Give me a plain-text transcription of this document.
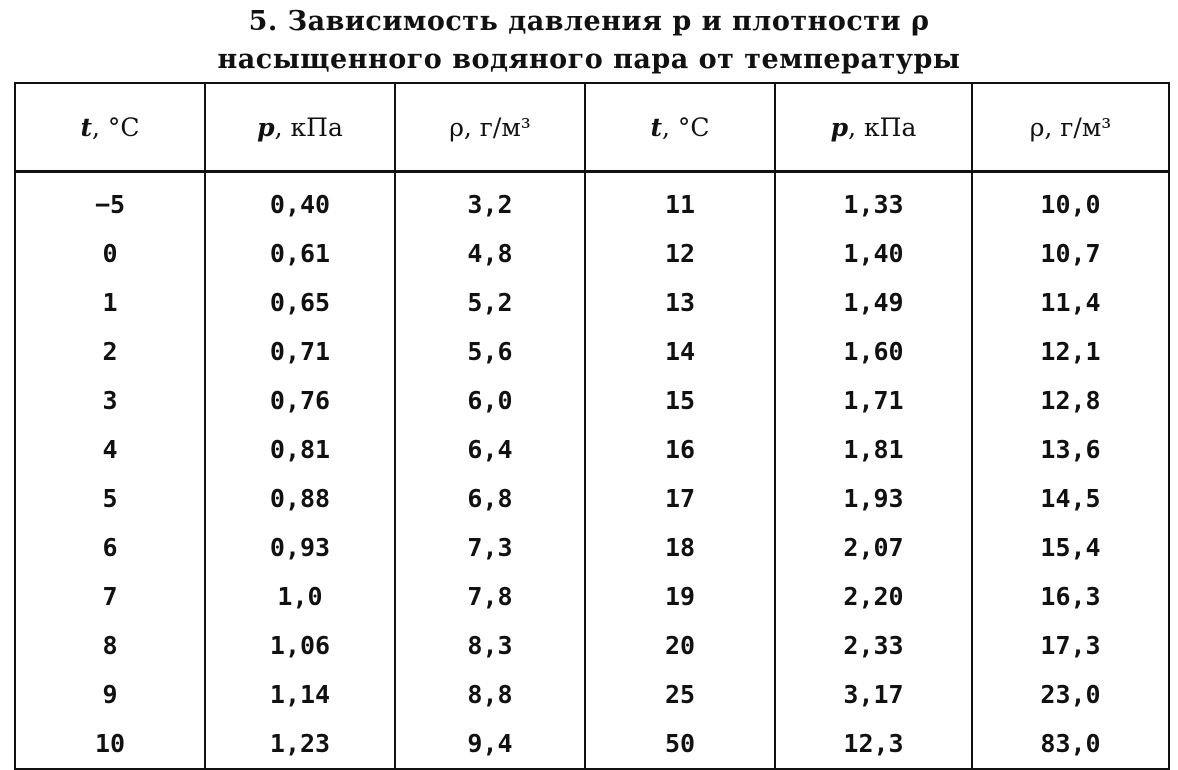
5. Зависимость давления p и плотности ρ
насыщенного водяного пара от температуры
t, °C	p, кПа	ρ, г/м³	t, °C	p, кПа	ρ, г/м³
−5	0,40	3,2	11	1,33	10,0
0	0,61	4,8	12	1,40	10,7
1	0,65	5,2	13	1,49	11,4
2	0,71	5,6	14	1,60	12,1
3	0,76	6,0	15	1,71	12,8
4	0,81	6,4	16	1,81	13,6
5	0,88	6,8	17	1,93	14,5
6	0,93	7,3	18	2,07	15,4
7	1,0	7,8	19	2,20	16,3
8	1,06	8,3	20	2,33	17,3
9	1,14	8,8	25	3,17	23,0
10	1,23	9,4	50	12,3	83,0
